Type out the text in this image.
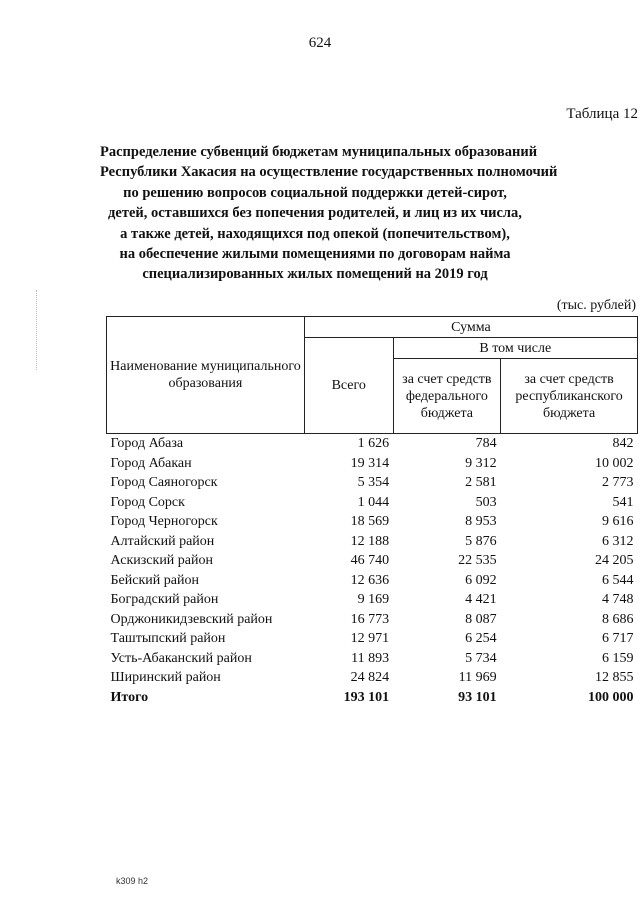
624
Таблица 12
Распределение субвенций бюджетам муниципальных образований
Республики Хакасия на осуществление государственных полномочий
по решению вопросов социальной поддержки детей-сирот,
детей, оставшихся без попечения родителей, и лиц из их числа,
а также детей, находящихся под опекой (попечительством),
на обеспечение жилыми помещениями по договорам найма
специализированных жилых помещений на 2019 год
(тыс. рублей)
Наименование муниципального образования	Сумма		
	Всего	В том числе	
		за счет средств федерального бюджета	за счет средств республиканского бюджета
Город Абаза	1 626	784	842
Город Абакан	19 314	9 312	10 002
Город Саяногорск	5 354	2 581	2 773
Город Сорск	1 044	503	541
Город Черногорск	18 569	8 953	9 616
Алтайский район	12 188	5 876	6 312
Аскизский район	46 740	22 535	24 205
Бейский район	12 636	6 092	6 544
Боградский район	9 169	4 421	4 748
Орджоникидзевский район	16 773	8 087	8 686
Таштыпский район	12 971	6 254	6 717
Усть-Абаканский район	11 893	5 734	6 159
Ширинский район	24 824	11 969	12 855
Итого	193 101	93 101	100 000
k309 h2
